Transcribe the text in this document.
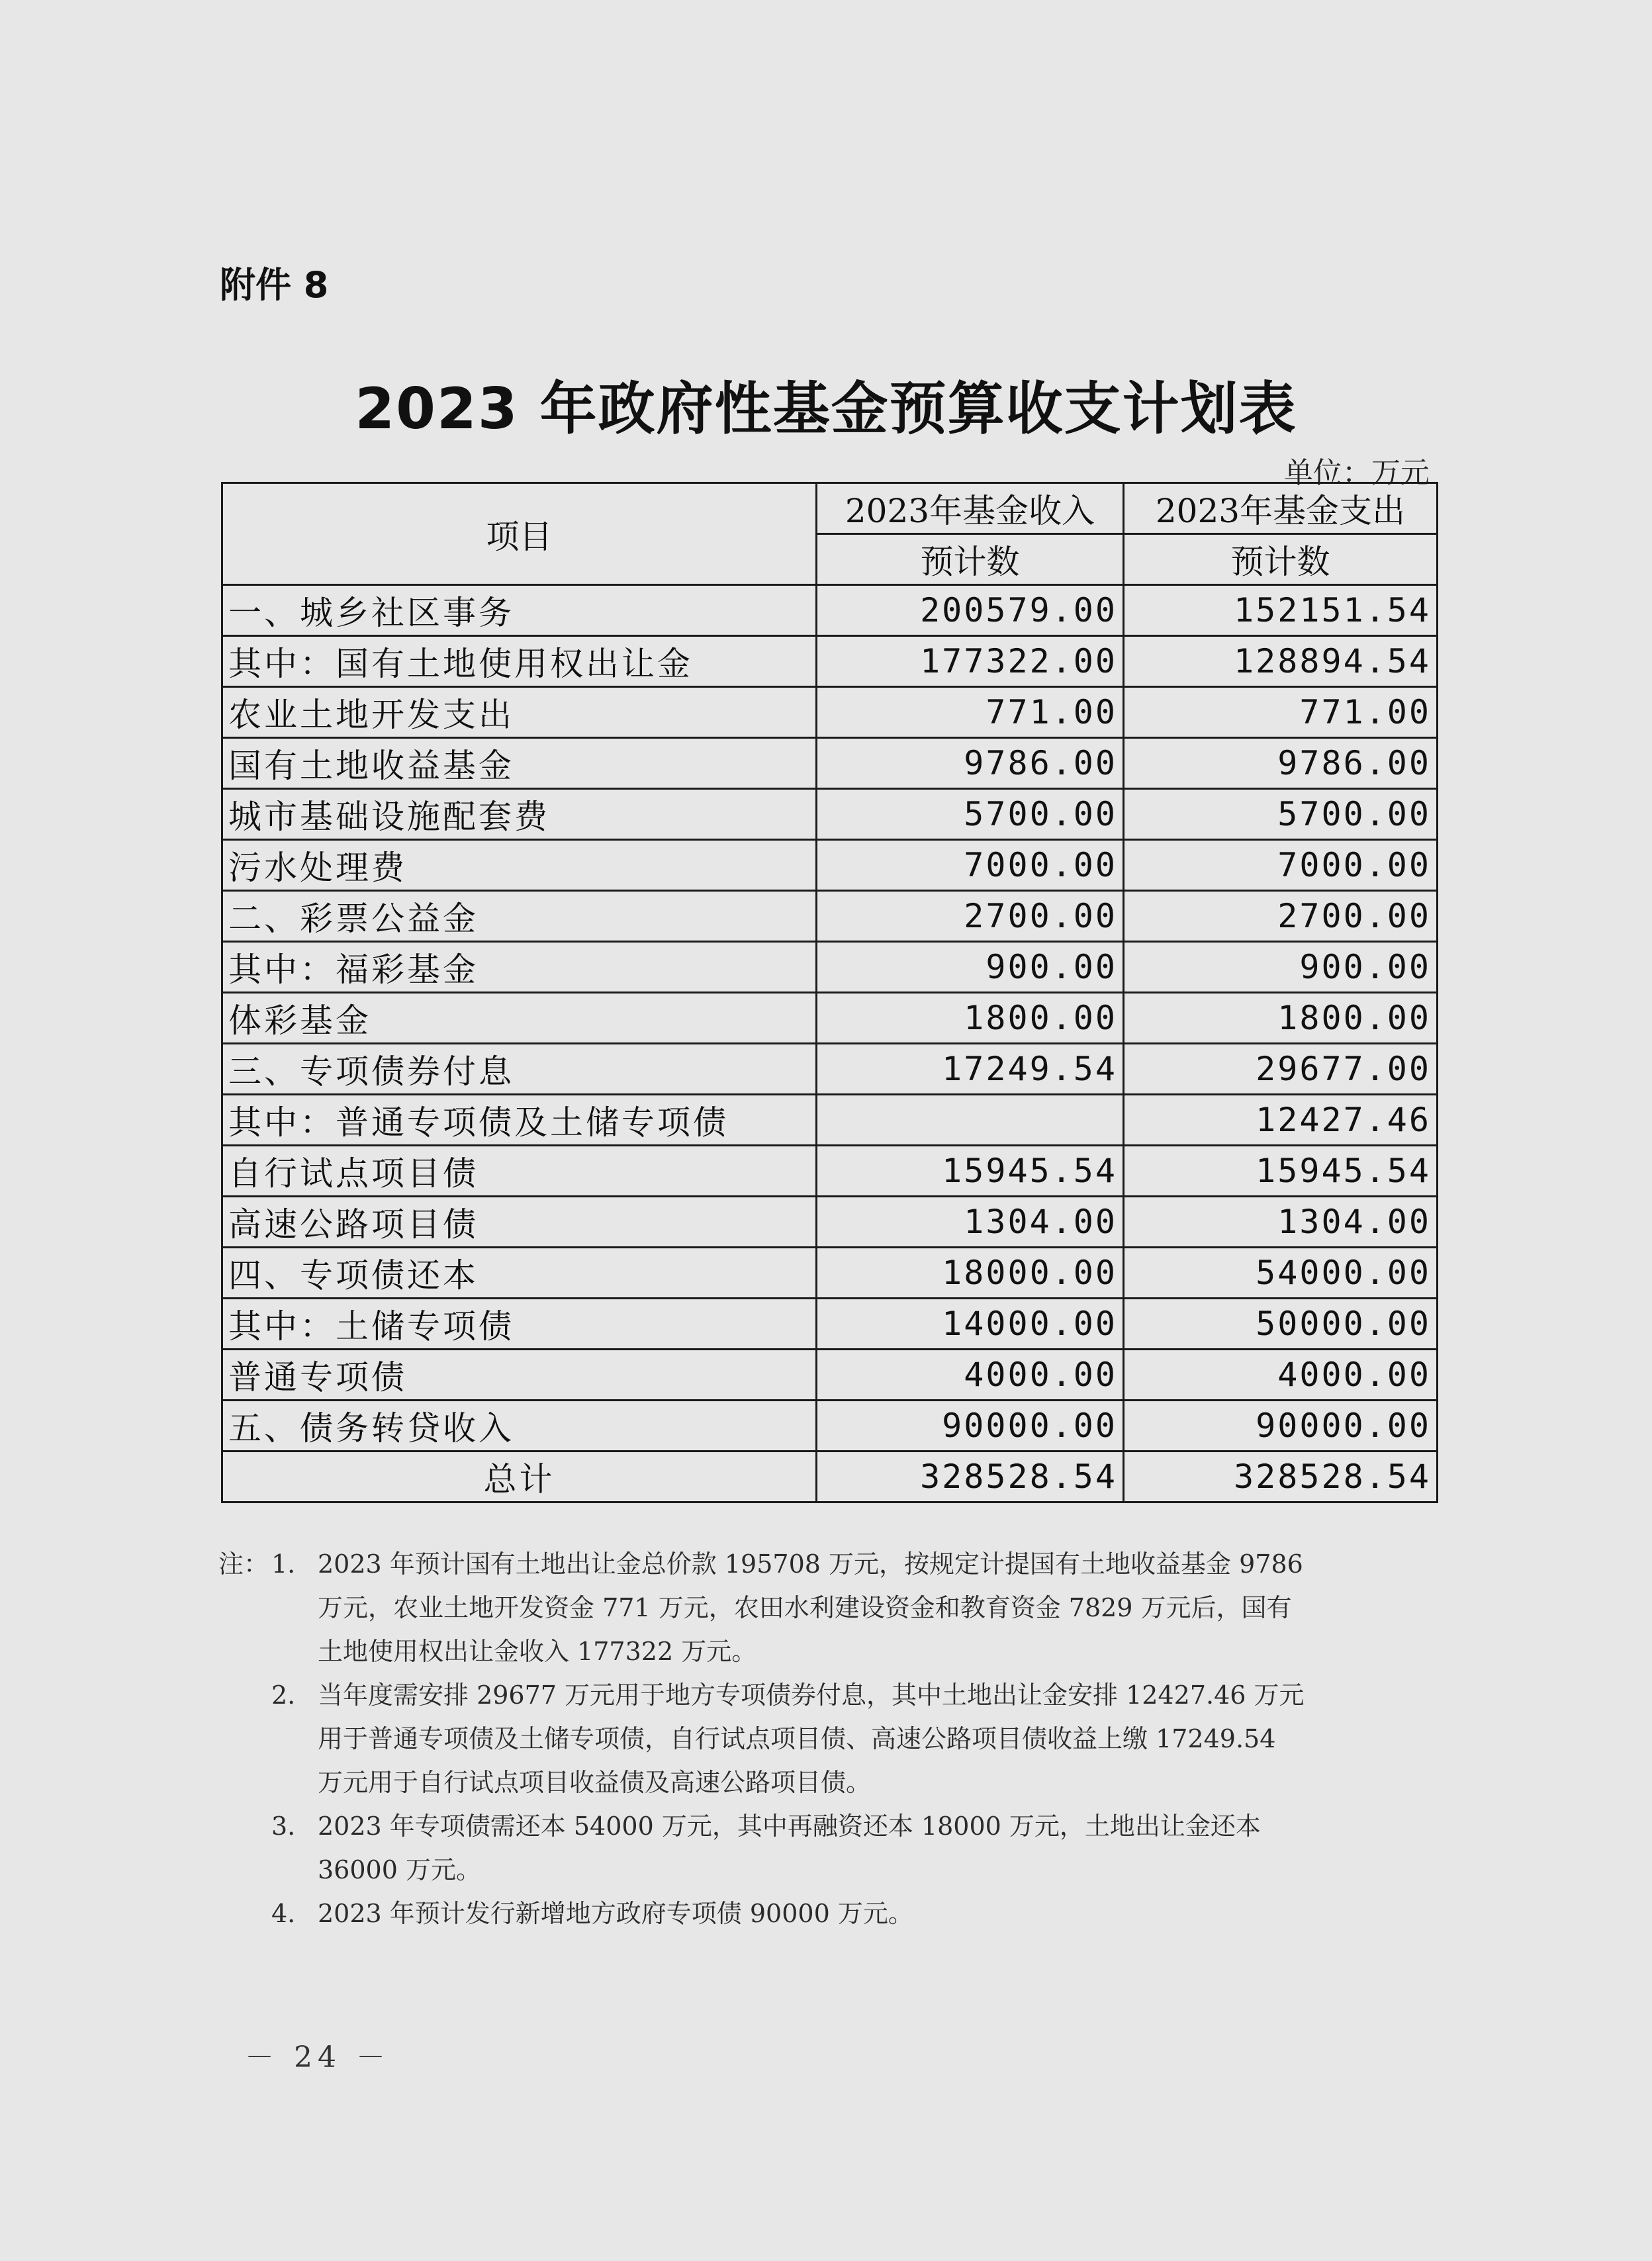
附件 8
2023 年政府性基金预算收支计划表
单位：万元
项目	2023年基金收入	2023年基金支出
	预计数	预计数
一、城乡社区事务	200579.00	152151.54
其中：国有土地使用权出让金	177322.00	128894.54
农业土地开发支出	771.00	771.00
国有土地收益基金	9786.00	9786.00
城市基础设施配套费	5700.00	5700.00
污水处理费	7000.00	7000.00
二、彩票公益金	2700.00	2700.00
其中：福彩基金	900.00	900.00
体彩基金	1800.00	1800.00
三、专项债券付息	17249.54	29677.00
其中：普通专项债及土储专项债		12427.46
自行试点项目债	15945.54	15945.54
高速公路项目债	1304.00	1304.00
四、专项债还本	18000.00	54000.00
其中：土储专项债	14000.00	50000.00
普通专项债	4000.00	4000.00
五、债务转贷收入	90000.00	90000.00
总计	328528.54	328528.54
注： 1. 2023 年预计国有土地出让金总价款 195708 万元，按规定计提国有土地收益基金 9786
万元，农业土地开发资金 771 万元，农田水利建设资金和教育资金 7829 万元后，国有
土地使用权出让金收入 177322 万元。
2. 当年度需安排 29677 万元用于地方专项债券付息，其中土地出让金安排 12427.46 万元
用于普通专项债及土储专项债，自行试点项目债、高速公路项目债收益上缴 17249.54
万元用于自行试点项目收益债及高速公路项目债。
3. 2023 年专项债需还本 54000 万元，其中再融资还本 18000 万元，土地出让金还本
36000 万元。
4. 2023 年预计发行新增地方政府专项债 90000 万元。
－ 24 －
